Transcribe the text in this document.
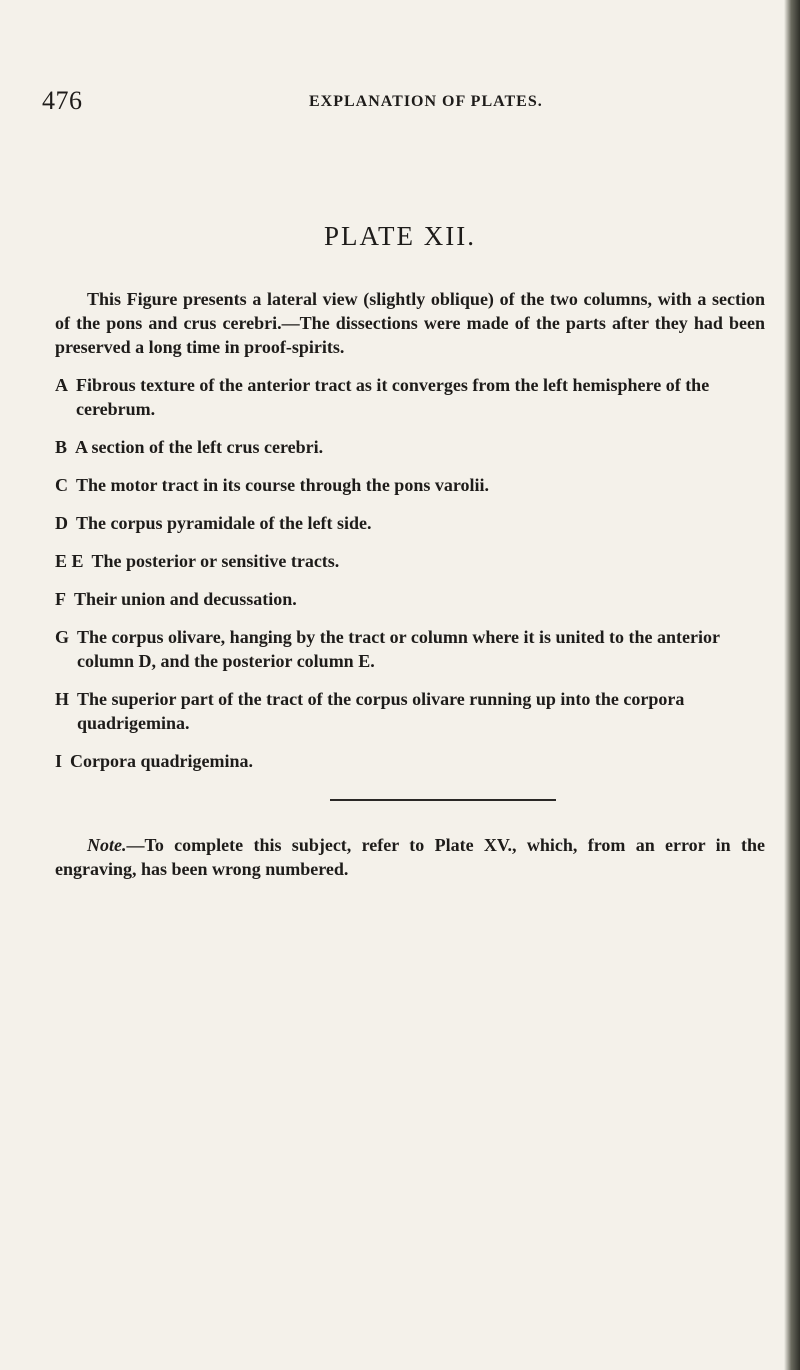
476	EXPLANATION OF PLATES.
PLATE XII.

This Figure presents a lateral view (slightly oblique) of the two columns, with a section of the pons and crus cerebri.—The dissections were made of the parts after they had been preserved a long time in proof-spirits.

A Fibrous texture of the anterior tract as it converges from the left hemisphere of the cerebrum.
B A section of the left crus cerebri.
C The motor tract in its course through the pons varolii.
D The corpus pyramidale of the left side.
E E The posterior or sensitive tracts.
F Their union and decussation.
G The corpus olivare, hanging by the tract or column where it is united to the anterior column D, and the posterior column E.
H The superior part of the tract of the corpus olivare running up into the corpora quadrigemina.
I Corpora quadrigemina.

Note.—To complete this subject, refer to Plate XV., which, from an error in the engraving, has been wrong numbered.
